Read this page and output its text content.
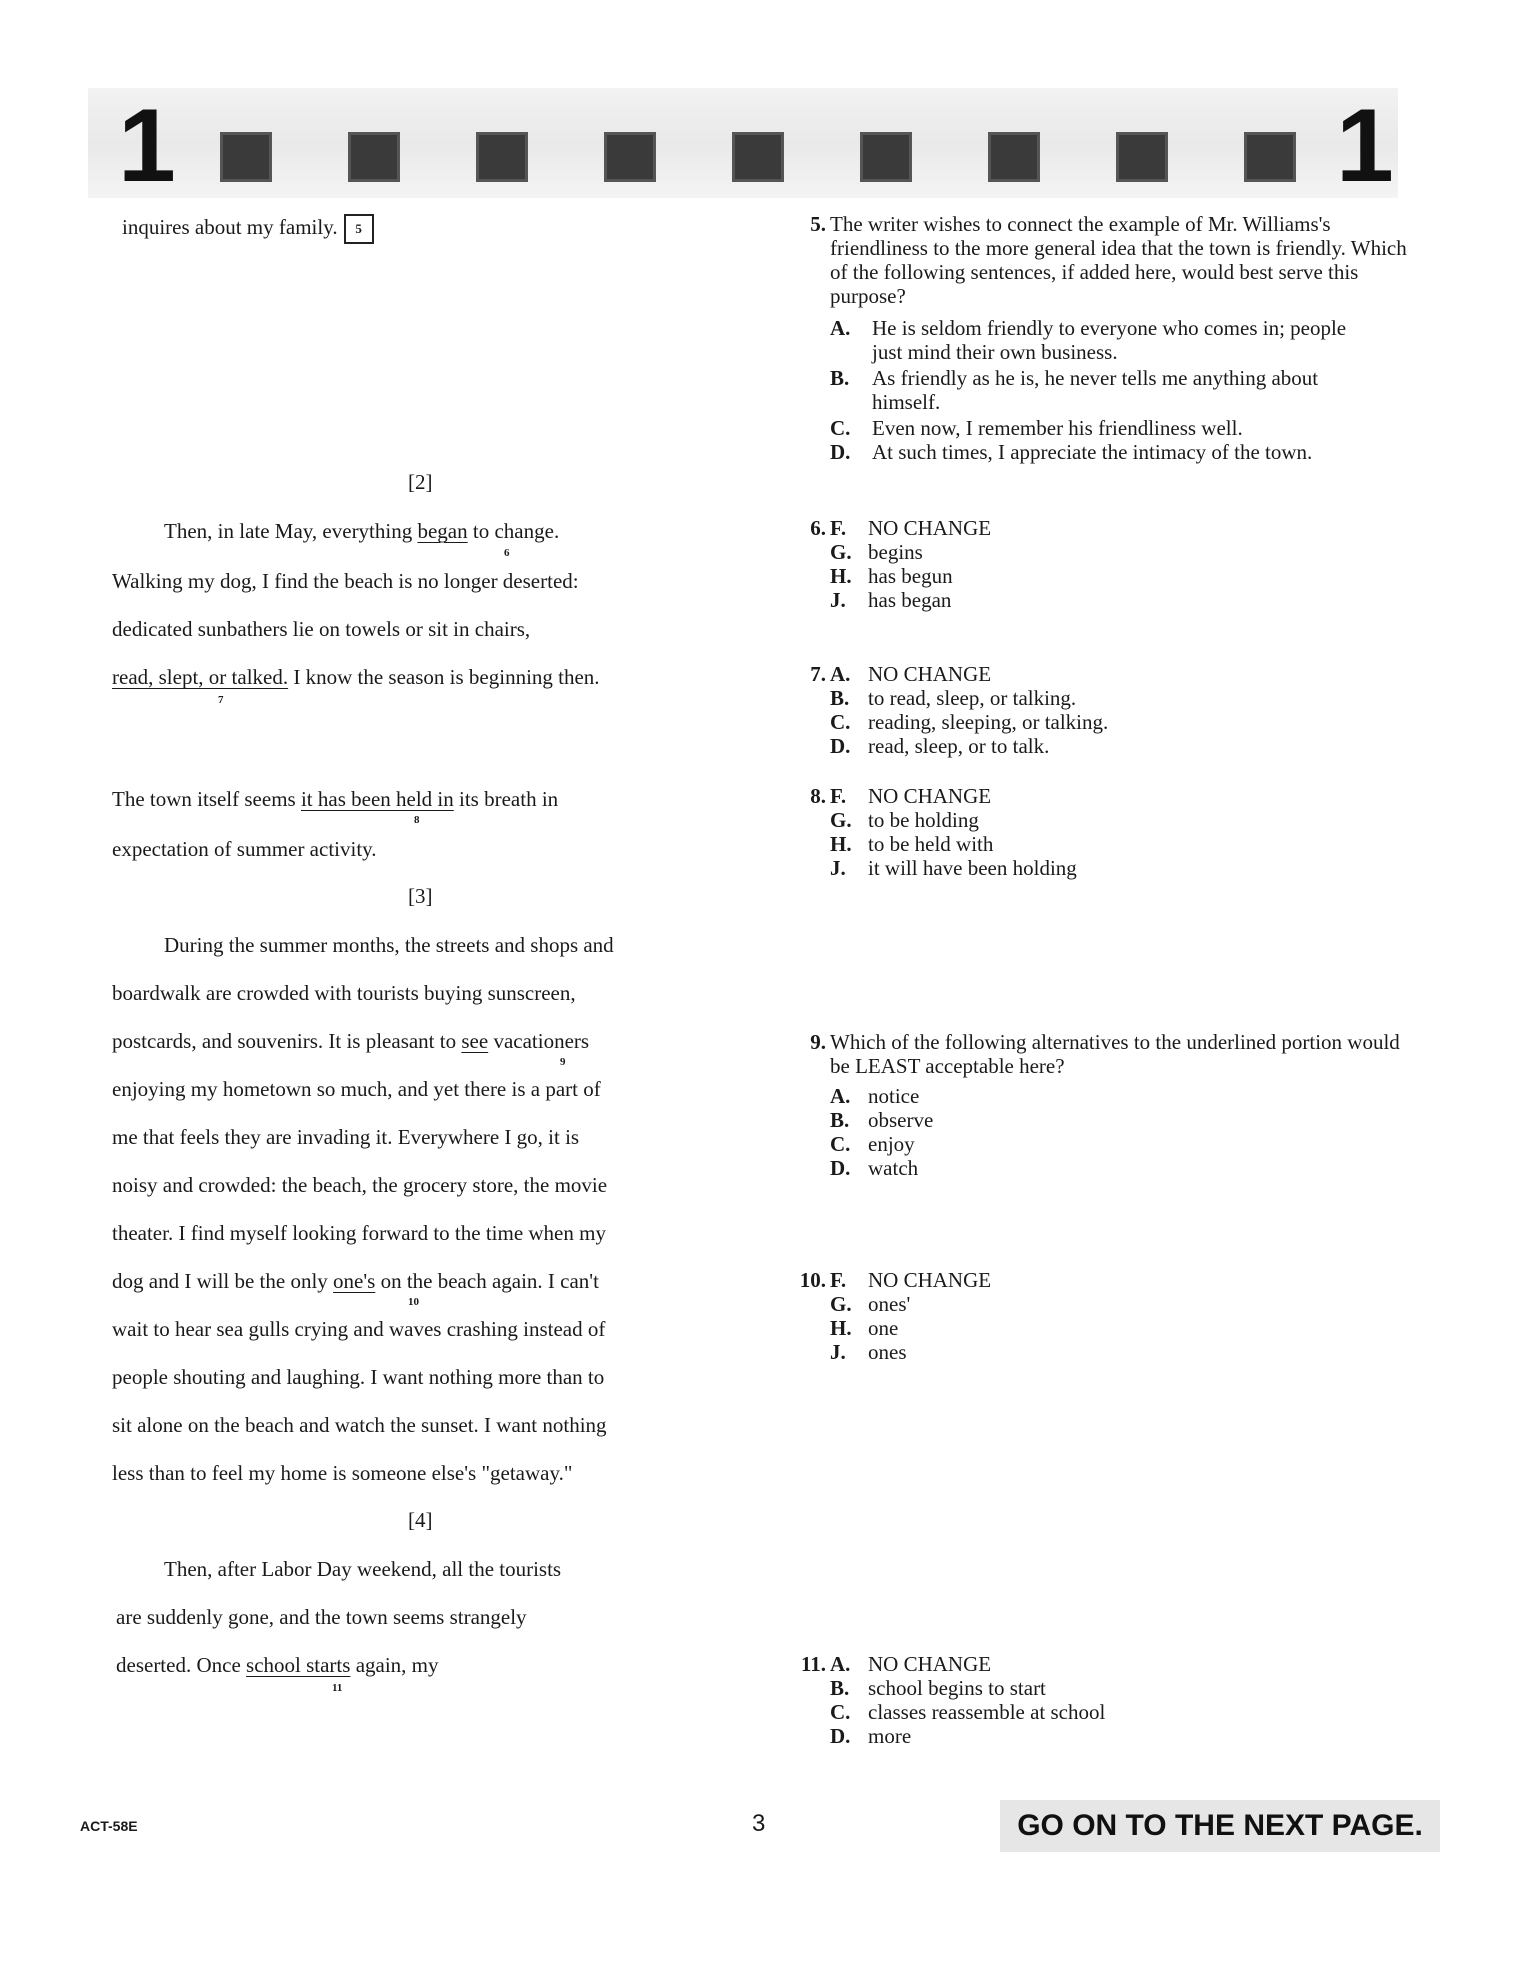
1	1
inquires about my family. 5
[2]
Then, in late May, everything began to change.
6
Walking my dog, I find the beach is no longer deserted:
dedicated sunbathers lie on towels or sit in chairs,
read, slept, or talked. I know the season is beginning then.
7
The town itself seems it has been held in its breath in
8
expectation of summer activity.
[3]
During the summer months, the streets and shops and
boardwalk are crowded with tourists buying sunscreen,
postcards, and souvenirs. It is pleasant to see vacationers
9
enjoying my hometown so much, and yet there is a part of
me that feels they are invading it. Everywhere I go, it is
noisy and crowded: the beach, the grocery store, the movie
theater. I find myself looking forward to the time when my
dog and I will be the only one's on the beach again. I can't
10
wait to hear sea gulls crying and waves crashing instead of
people shouting and laughing. I want nothing more than to
sit alone on the beach and watch the sunset. I want nothing
less than to feel my home is someone else's "getaway."
[4]
Then, after Labor Day weekend, all the tourists
are suddenly gone, and the town seems strangely
deserted. Once school starts again, my
11
5. The writer wishes to connect the example of Mr. Williams's friendliness to the more general idea that the town is friendly. Which of the following sentences, if added here, would best serve this purpose?
A. He is seldom friendly to everyone who comes in; people just mind their own business.
B. As friendly as he is, he never tells me anything about himself.
C. Even now, I remember his friendliness well.
D. At such times, I appreciate the intimacy of the town.
6. F. NO CHANGE
G. begins
H. has begun
J. has began
7. A. NO CHANGE
B. to read, sleep, or talking.
C. reading, sleeping, or talking.
D. read, sleep, or to talk.
8. F. NO CHANGE
G. to be holding
H. to be held with
J. it will have been holding
9. Which of the following alternatives to the underlined portion would be LEAST acceptable here?
A. notice
B. observe
C. enjoy
D. watch
10. F. NO CHANGE
G. ones'
H. one
J. ones
11. A. NO CHANGE
B. school begins to start
C. classes reassemble at school
D. more
ACT-58E	3	GO ON TO THE NEXT PAGE.
